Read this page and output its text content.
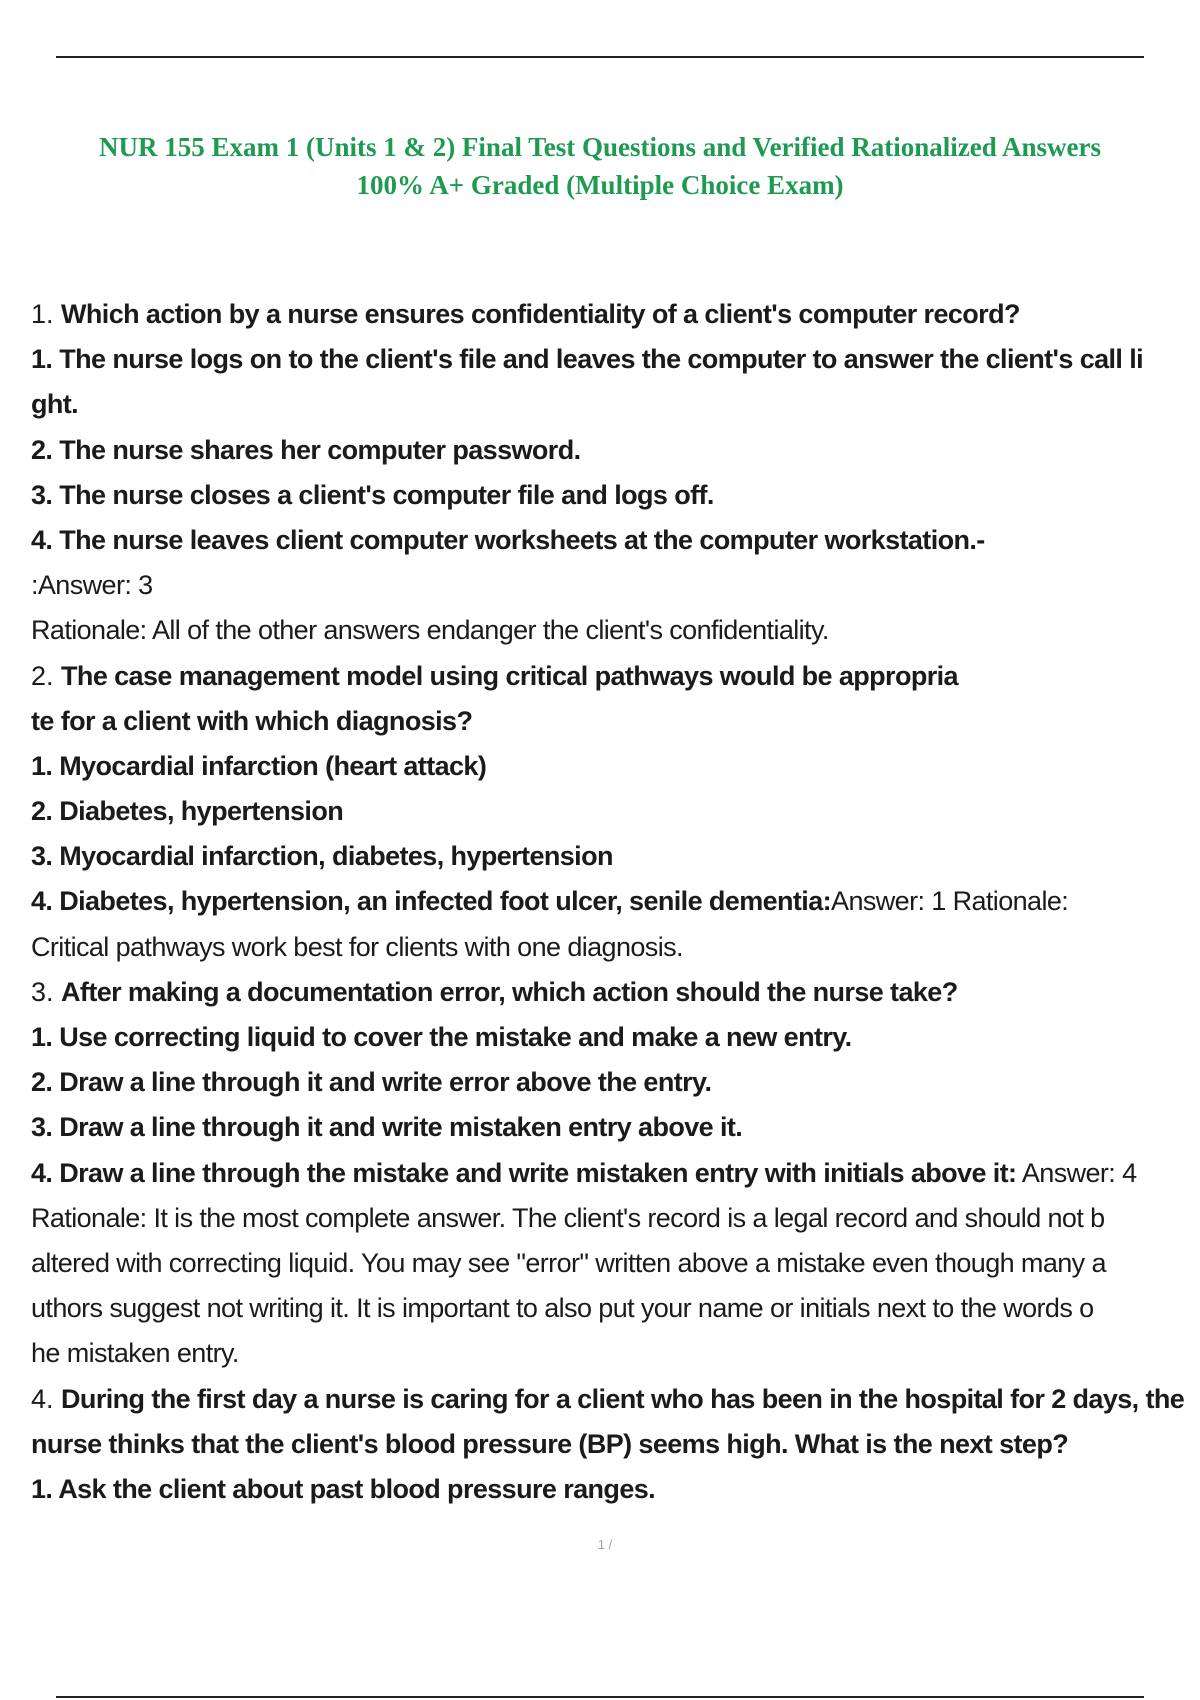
NUR 155 Exam 1 (Units 1 & 2) Final Test Questions and Verified Rationalized Answers
100% A+ Graded (Multiple Choice Exam)
1. Which action by a nurse ensures confidentiality of a client's computer record?
1. The nurse logs on to the client's file and leaves the computer to answer the client's call li
ght.
2. The nurse shares her computer password.
3. The nurse closes a client's computer file and logs off.
4. The nurse leaves client computer worksheets at the computer workstation.-
:Answer: 3
Rationale: All of the other answers endanger the client's confidentiality.
2. The case management model using critical pathways would be appropria
te for a client with which diagnosis?
1. Myocardial infarction (heart attack)
2. Diabetes, hypertension
3. Myocardial infarction, diabetes, hypertension
4. Diabetes, hypertension, an infected foot ulcer, senile dementia:Answer: 1 Rationale:
Critical pathways work best for clients with one diagnosis.
3. After making a documentation error, which action should the nurse take?
1. Use correcting liquid to cover the mistake and make a new entry.
2. Draw a line through it and write error above the entry.
3. Draw a line through it and write mistaken entry above it.
4. Draw a line through the mistake and write mistaken entry with initials above it: Answer: 4
Rationale: It is the most complete answer. The client's record is a legal record and should not b
altered with correcting liquid. You may see "error" written above a mistake even though many a
uthors suggest not writing it. It is important to also put your name or initials next to the words o
he mistaken entry.
4. During the first day a nurse is caring for a client who has been in the hospital for 2 days, the
nurse thinks that the client's blood pressure (BP) seems high. What is the next step?
1. Ask the client about past blood pressure ranges.
1 /
